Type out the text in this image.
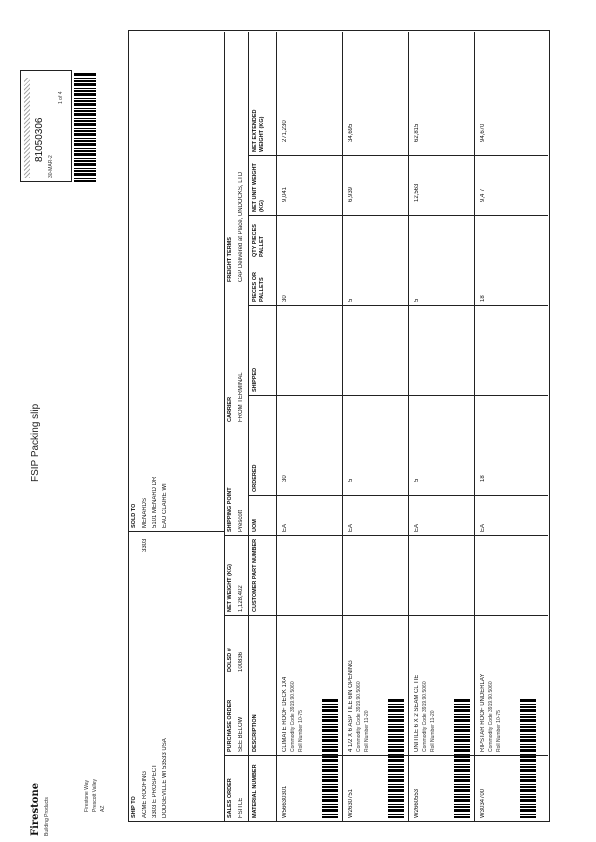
Firestone Building Products
Firestone Way Prescott Valley AZ
FSIP Packing slip
81050306
30-MAR-2
1 of 4
SHIP TO ACME ROOFING 3303 E PROSPECT DODGEVILLE WI 53533 USA
3303
SOLD TO MENARDS 5101 MENARD DR EAU CLAIRE WI
SALES ORDER
PURCHASE ORDER
DOLSD #
NET WEIGHT (KG)
SHIPPING POINT
CARRIER
FREIGHT TERMS
FSITLE
SEE BELOW
100836
1,128,402
Prescott
FROM TERMINAL
CAP Delivered at Place, UNDOCKS, LTD
MATERIAL NUMBER
DESCRIPTION
CUSTOMER PART NUMBER
UOM
ORDERED
SHIPPED
PIECES OR PALLETS
QTY PIECES PALLET
NET UNIT WEIGHT (KG)
NET EXTENDED WEIGHT (KG)
W56630301
CLIMATE ROOF DECK 1X4 Commodity Code 3919.90.5060 Roll Number 10-75
EA
30
30
9,041
271,230
W2630751
4 1/2 X 6 ASP TILE 6IN OPENING Commodity Code 3919.90.5060 Roll Number 11-20
EA
5
5
6,939
34,695
W2660553
UNITILE 6 X 2 SEAM CL TIE Commodity Code 3919.90.5060 Roll Number 11-20
EA
5
5
12,563
62,815
W3034700
RIPSTAR ROOF UNDERLAY Commodity Code 3919.90.5060 Roll Number 10-75
EA
18
18
9,4 7
94,670
